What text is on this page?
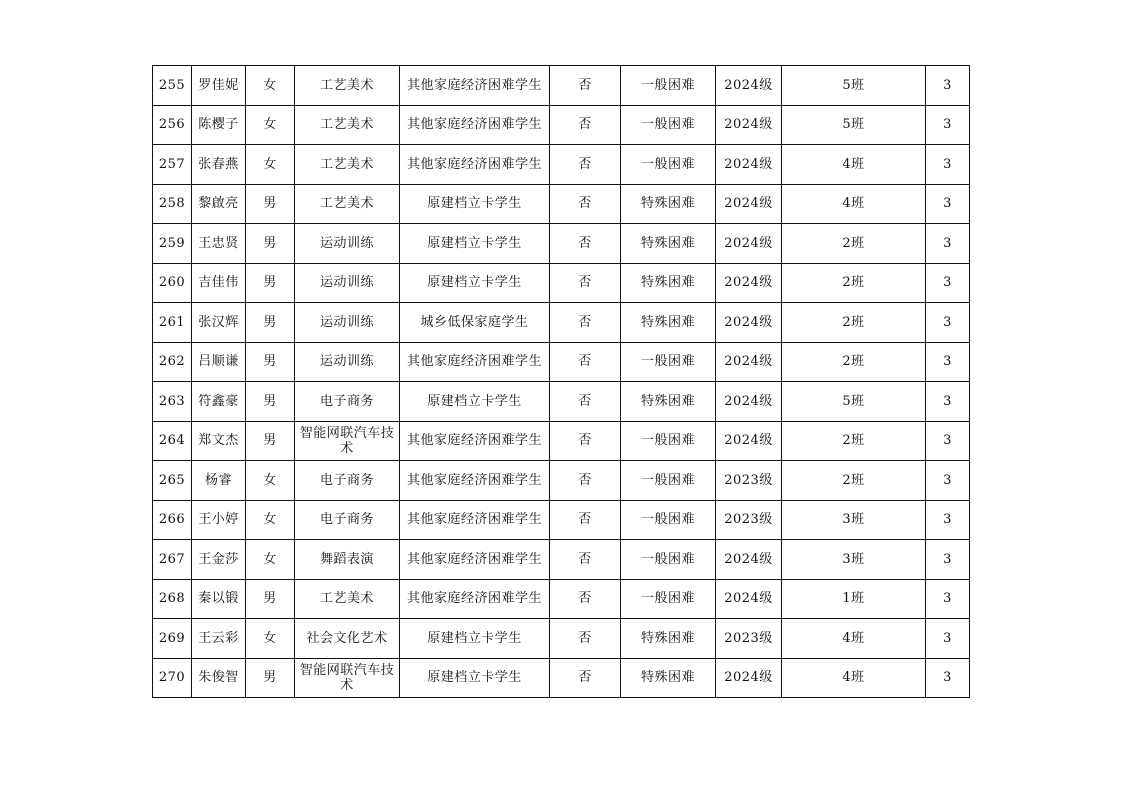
255	罗佳妮	女	工艺美术	其他家庭经济困难学生	否	一般困难	2024级	5班	3
256	陈樱子	女	工艺美术	其他家庭经济困难学生	否	一般困难	2024级	5班	3
257	张春燕	女	工艺美术	其他家庭经济困难学生	否	一般困难	2024级	4班	3
258	黎啟亮	男	工艺美术	原建档立卡学生	否	特殊困难	2024级	4班	3
259	王忠贤	男	运动训练	原建档立卡学生	否	特殊困难	2024级	2班	3
260	吉佳伟	男	运动训练	原建档立卡学生	否	特殊困难	2024级	2班	3
261	张汉辉	男	运动训练	城乡低保家庭学生	否	特殊困难	2024级	2班	3
262	吕顺谦	男	运动训练	其他家庭经济困难学生	否	一般困难	2024级	2班	3
263	符鑫豪	男	电子商务	原建档立卡学生	否	特殊困难	2024级	5班	3
264	郑文杰	男	智能网联汽车技术	其他家庭经济困难学生	否	一般困难	2024级	2班	3
265	杨睿	女	电子商务	其他家庭经济困难学生	否	一般困难	2023级	2班	3
266	王小婷	女	电子商务	其他家庭经济困难学生	否	一般困难	2023级	3班	3
267	王金莎	女	舞蹈表演	其他家庭经济困难学生	否	一般困难	2024级	3班	3
268	秦以锻	男	工艺美术	其他家庭经济困难学生	否	一般困难	2024级	1班	3
269	王云彩	女	社会文化艺术	原建档立卡学生	否	特殊困难	2023级	4班	3
270	朱俊智	男	智能网联汽车技术	原建档立卡学生	否	特殊困难	2024级	4班	3
